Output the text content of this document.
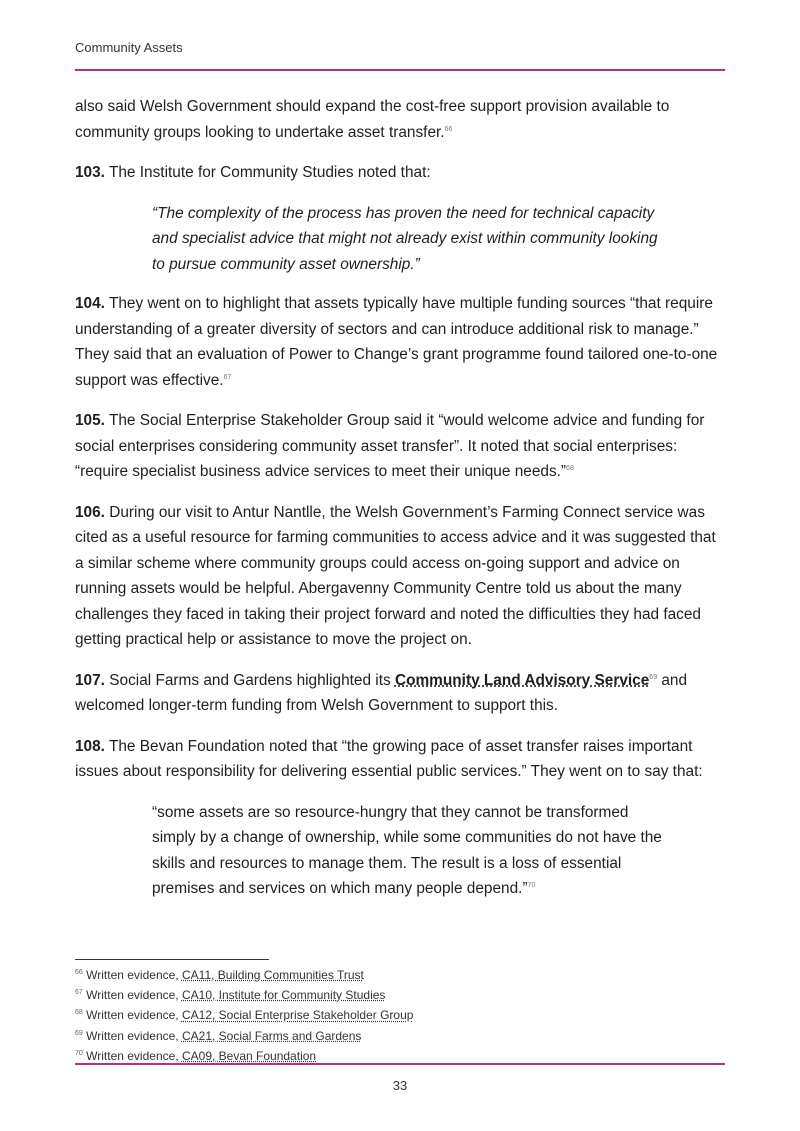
Community Assets

also said Welsh Government should expand the cost-free support provision available to community groups looking to undertake asset transfer.$^{66}$

103. The Institute for Community Studies noted that:

“The complexity of the process has proven the need for technical capacity and specialist advice that might not already exist within community looking to pursue community asset ownership.”

104. They went on to highlight that assets typically have multiple funding sources “that require understanding of a greater diversity of sectors and can introduce additional risk to manage.” They said that an evaluation of Power to Change’s grant programme found tailored one-to-one support was effective.$^{67}$

105. The Social Enterprise Stakeholder Group said it “would welcome advice and funding for social enterprises considering community asset transfer”. It noted that social enterprises: “require specialist business advice services to meet their unique needs.”$^{68}$

106. During our visit to Antur Nantlle, the Welsh Government’s Farming Connect service was cited as a useful resource for farming communities to access advice and it was suggested that a similar scheme where community groups could access on-going support and advice on running assets would be helpful. Abergavenny Community Centre told us about the many challenges they faced in taking their project forward and noted the difficulties they had faced getting practical help or assistance to move the project on.

107. Social Farms and Gardens highlighted its Community Land Advisory Service$^{69}$ and welcomed longer-term funding from Welsh Government to support this.

108. The Bevan Foundation noted that “the growing pace of asset transfer raises important issues about responsibility for delivering essential public services.” They went on to say that:

“some assets are so resource-hungry that they cannot be transformed simply by a change of ownership, while some communities do not have the skills and resources to manage them. The result is a loss of essential premises and services on which many people depend.”$^{70}$

$^{66}$ Written evidence, CA11, Building Communities Trust
$^{67}$ Written evidence, CA10, Institute for Community Studies
$^{68}$ Written evidence, CA12, Social Enterprise Stakeholder Group
$^{69}$ Written evidence, CA21, Social Farms and Gardens
$^{70}$ Written evidence, CA09, Bevan Foundation
33
